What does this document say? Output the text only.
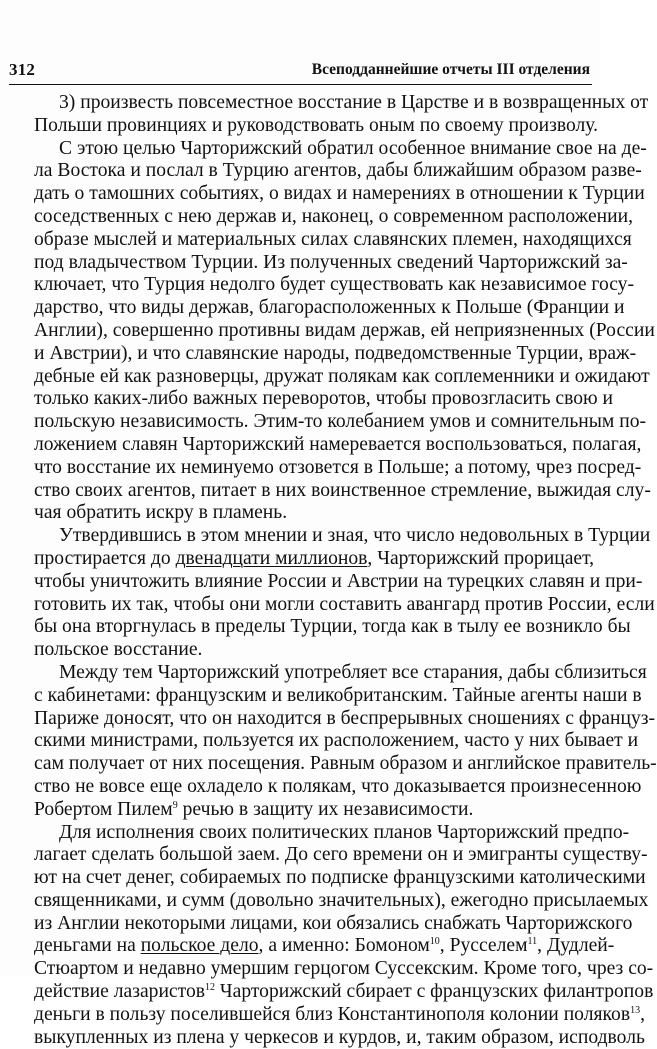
312	Всеподданнейшие отчеты III отделения
3) произвесть повсеместное восстание в Царстве и в возвращенных от
Польши провинциях и руководствовать оным по своему произволу.
С этою целью Чарторижский обратил особенное внимание свое на де-
ла Востока и послал в Турцию агентов, дабы ближайшим образом разве-
дать о тамошних событиях, о видах и намерениях в отношении к Турции
соседственных с нею держав и, наконец, о современном расположении,
образе мыслей и материальных силах славянских племен, находящихся
под владычеством Турции. Из полученных сведений Чарторижский за-
ключает, что Турция недолго будет существовать как независимое госу-
дарство, что виды держав, благорасположенных к Польше (Франции и
Англии), совершенно противны видам держав, ей неприязненных (России
и Австрии), и что славянские народы, подведомственные Турции, враж-
дебные ей как разноверцы, дружат полякам как соплеменники и ожидают
только каких-либо важных переворотов, чтобы провозгласить свою и
польскую независимость. Этим-то колебанием умов и сомнительным по-
ложением славян Чарторижский намеревается воспользоваться, полагая,
что восстание их неминуемо отзовется в Польше; а потому, чрез посред-
ство своих агентов, питает в них воинственное стремление, выжидая слу-
чая обратить искру в пламень.
Утвердившись в этом мнении и зная, что число недовольных в Турции
простирается до двенадцати миллионов, Чарторижский прорицает,
чтобы уничтожить влияние России и Австрии на турецких славян и при-
готовить их так, чтобы они могли составить авангард против России, если
бы она вторгнулась в пределы Турции, тогда как в тылу ее возникло бы
польское восстание.
Между тем Чарторижский употребляет все старания, дабы сблизиться
с кабинетами: французским и великобританским. Тайные агенты наши в
Париже доносят, что он находится в беспрерывных сношениях с француз-
скими министрами, пользуется их расположением, часто у них бывает и
сам получает от них посещения. Равным образом и английское правитель-
ство не вовсе еще охладело к полякам, что доказывается произнесенною
Робертом Пилем$^9$ речью в защиту их независимости.
Для исполнения своих политических планов Чарторижский предпо-
лагает сделать большой заем. До сего времени он и эмигранты существу-
ют на счет денег, собираемых по подписке французскими католическими
священниками, и сумм (довольно значительных), ежегодно присылаемых
из Англии некоторыми лицами, кои обязались снабжать Чарторижского
деньгами на польское дело, а именно: Бомоном$^{10}$, Русселем$^{11}$, Дудлей-
Стюартом и недавно умершим герцогом Суссекским. Кроме того, чрез со-
действие лазаристов$^{12}$ Чарторижский сбирает с французских филантропов
деньги в пользу поселившейся близ Константинополя колонии поляков$^{13}$,
выкупленных из плена у черкесов и курдов, и, таким образом, исподволь
